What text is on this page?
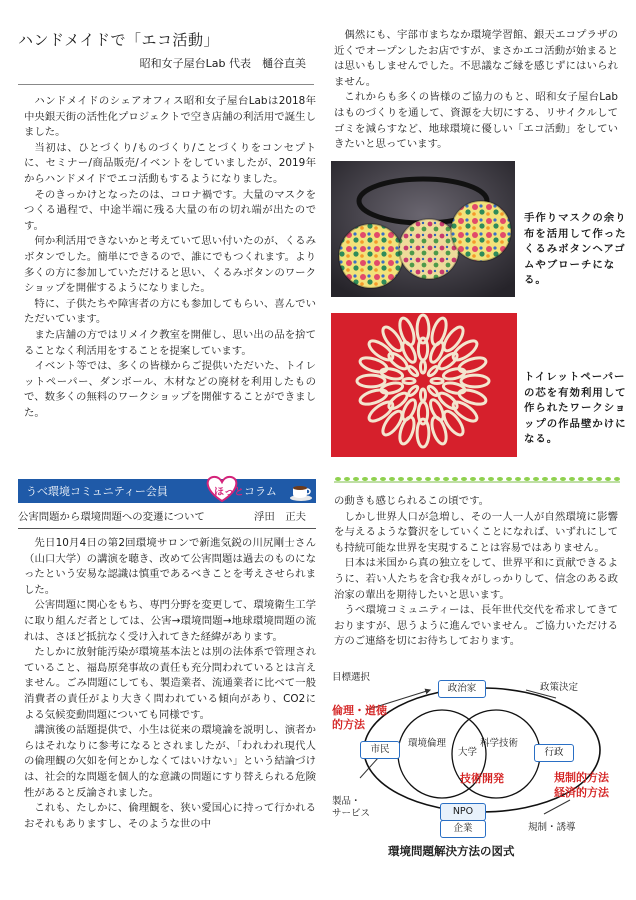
ハンドメイドで「エコ活動」
昭和女子屋台Lab 代表　樋谷直美

ハンドメイドのシェアオフィス昭和女子屋台Labは2018年中央銀天街の活性化プロジェクトで空き店舗の利活用で誕生しました。

当初は、ひとづくり/ものづくり/ことづくりをコンセプトに、セミナー/商品販売/イベントをしていましたが、2019年からハンドメイドでエコ活動もするようになりました。

そのきっかけとなったのは、コロナ禍です。大量のマスクをつくる過程で、中途半端に残る大量の布の切れ端が出たのです。

何か利活用できないかと考えていて思い付いたのが、くるみボタンでした。簡単にできるので、誰にでもつくれます。より多くの方に参加していただけると思い、くるみボタンのワークショップを開催するようになりました。

特に、子供たちや障害者の方にも参加してもらい、喜んでいただいています。

また店舗の方ではリメイク教室を開催し、思い出の品を捨てることなく利活用をすることを提案しています。

イベント等では、多くの皆様からご提供いただいた、トイレットペーパー、ダンボール、木材などの廃材を利用したもので、数多くの無料のワークショップを開催することができました。

偶然にも、宇部市まちなか環境学習館、銀天エコプラザの近くでオープンしたお店ですが、まさかエコ活動が始まるとは思いもしませんでした。不思議なご縁を感じずにはいられません。

これからも多くの皆様のご協力のもと、昭和女子屋台Labはものづくりを通して、資源を大切にする、リサイクルしてゴミを減らすなど、地球環境に優しい「エコ活動」をしていきたいと思っています。

手作りマスクの余り布を活用して作ったくるみボタンヘアゴムやブローチになる。
トイレットペーパーの芯を有効利用して作られたワークショップの作品壁かけになる。
うべ環境コミュニティー会員	ほっと コラム
公害問題から環境問題への変遷について	浮田　正夫

先日10月4日の第2回環境サロンで新進気鋭の川尻剛士さん（山口大学）の講演を聴き、改めて公害問題は過去のものになったという安易な認識は慎重であるべきことを考えさせられました。

公害問題に関心をもち、専門分野を変更して、環境衛生工学に取り組んだ者としては、公害→環境問題→地球環境問題の流れは、さほど抵抗なく受け入れてきた経緯があります。

たしかに放射能汚染が環境基本法とは別の法体系で管理されていること、福島原発事故の責任も充分問われているとは言えません。ごみ問題にしても、製造業者、流通業者に比べて一般消費者の責任がより大きく問われている傾向があり、CO2による気候変動問題についても同様です。

講演後の話題提供で、小生は従来の環境論を説明し、演者からはそれなりに参考になるとされましたが、「われわれ現代人の倫理観の欠如を何とかしなくてはいけない」という結論づけは、社会的な問題を個人的な意識の問題にすり替えられる危険性があると反論されました。

これも、たしかに、倫理観を、狭い愛国心に持って行かれるおそれもありますし、そのような世の中

の動きも感じられるこの頃です。

しかし世界人口が急増し、その一人一人が自然環境に影響を与えるような贅沢をしていくことになれば、いずれにしても持続可能な世界を実現することは容易ではありません。

日本は米国から真の独立をして、世界平和に貢献できるように、若い人たちを含む我々がしっかりして、信念のある政治家の輩出を期待したいと思います。

うべ環境コミュニティーは、長年世代交代を希求してきておりますが、思うように進んでいません。ご協力いただける方のご連絡を切にお待ちしております。

政治家
市民	行政
NPO
企業
大学
目標選択
政策決定
環境倫理	科学技術
製品・
サービス
規制・誘導
倫理・道徳
的方法
技術開発	規制的方法
経済的方法
環境問題解決方法の図式
